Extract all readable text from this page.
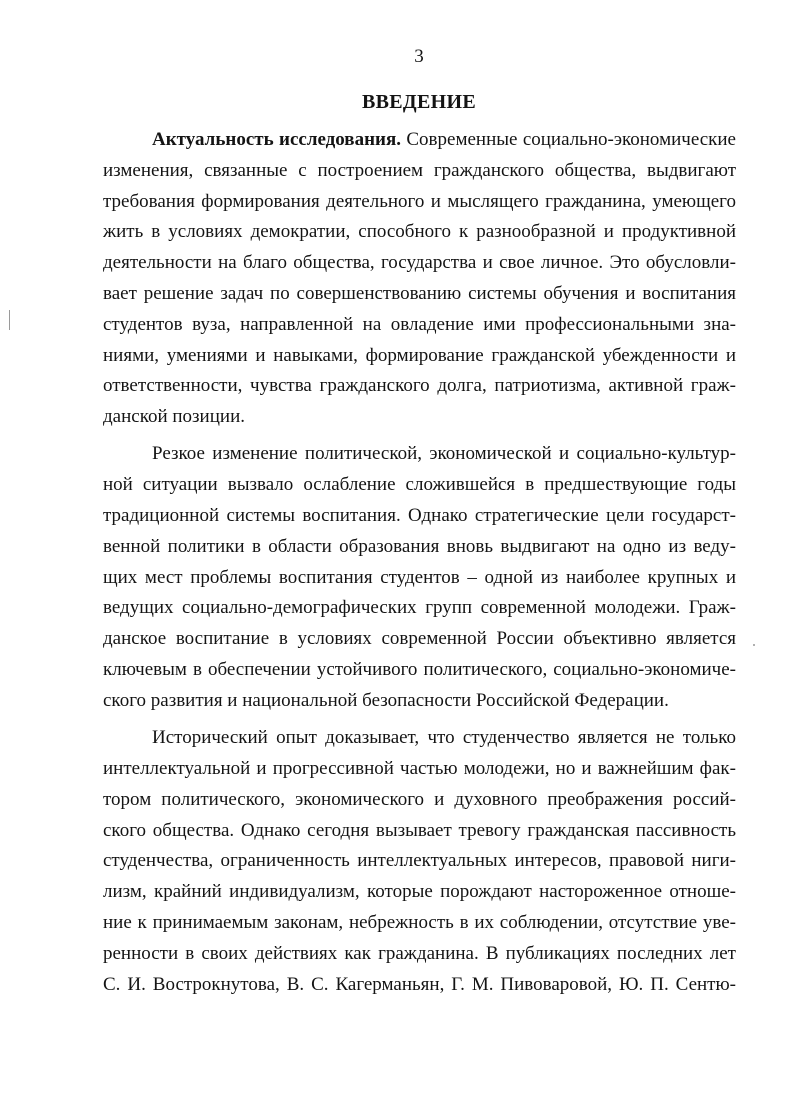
3
ВВЕДЕНИЕ
Актуальность исследования. Современные социально-экономические
изменения, связанные с построением гражданского общества, выдвигают
требования формирования деятельного и мыслящего гражданина, умеющего
жить в условиях демократии, способного к разнообразной и продуктивной
деятельности на благо общества, государства и свое личное. Это обусловли-
вает решение задач по совершенствованию системы обучения и воспитания
студентов вуза, направленной на овладение ими профессиональными зна-
ниями, умениями и навыками, формирование гражданской убежденности и
ответственности, чувства гражданского долга, патриотизма, активной граж-
данской позиции.
Резкое изменение политической, экономической и социально-культур-
ной ситуации вызвало ослабление сложившейся в предшествующие годы
традиционной системы воспитания. Однако стратегические цели государст-
венной политики в области образования вновь выдвигают на одно из веду-
щих мест проблемы воспитания студентов – одной из наиболее крупных и
ведущих социально-демографических групп современной молодежи. Граж-
данское воспитание в условиях современной России объективно является
ключевым в обеспечении устойчивого политического, социально-экономиче-
ского развития и национальной безопасности Российской Федерации.
Исторический опыт доказывает, что студенчество является не только
интеллектуальной и прогрессивной частью молодежи, но и важнейшим фак-
тором политического, экономического и духовного преображения россий-
ского общества. Однако сегодня вызывает тревогу гражданская пассивность
студенчества, ограниченность интеллектуальных интересов, правовой ниги-
лизм, крайний индивидуализм, которые порождают настороженное отноше-
ние к принимаемым законам, небрежность в их соблюдении, отсутствие уве-
ренности в своих действиях как гражданина. В публикациях последних лет
С. И. Вострокнутова, В. С. Кагерманьян, Г. М. Пивоваровой, Ю. П. Сентю-
